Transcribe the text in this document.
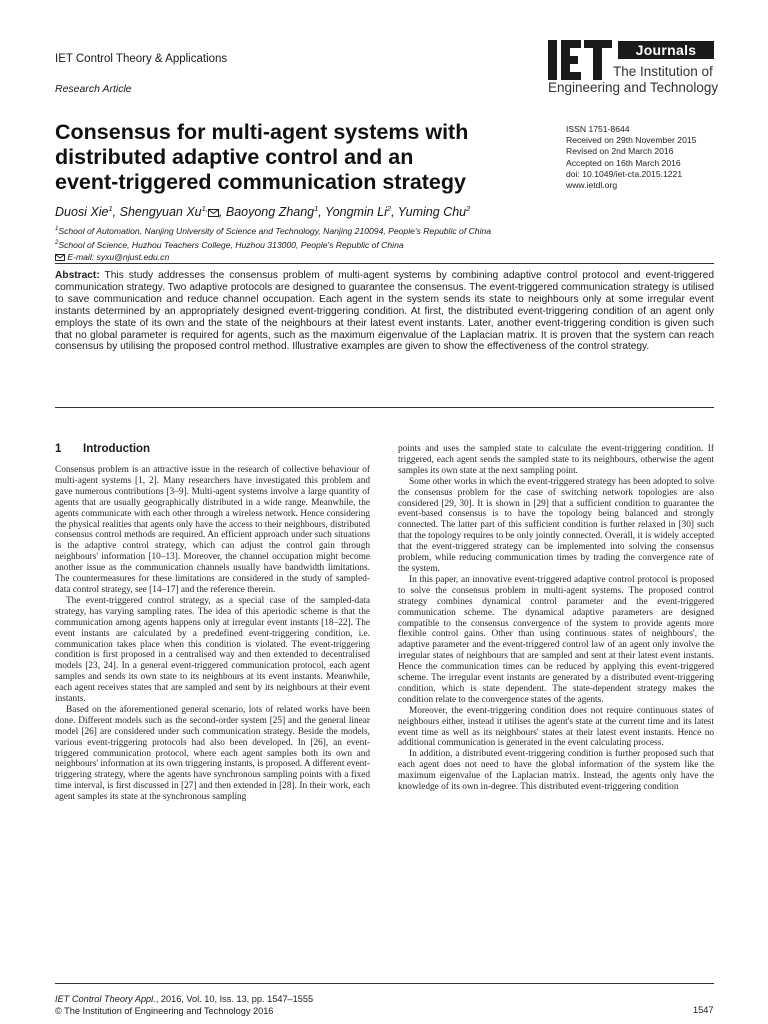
IET Control Theory & Applications
Research Article
Journals
The Institution of
Engineering and Technology
Consensus for multi-agent systems with
distributed adaptive control and an
event-triggered communication strategy
ISSN 1751-8644
Received on 29th November 2015
Revised on 2nd March 2016
Accepted on 16th March 2016
doi: 10.1049/iet-cta.2015.1221
www.ietdl.org
Duosi Xie$^1$, Shengyuan $Xu^{1,}$ , Baoyong Zhang$^1$, Yongmin Li$^2$, Yuming Chu$^2$
$^1$School of Automation, Nanjing University of Science and Technology, Nanjing 210094, People's Republic of China
$^2$School of Science, Huzhou Teachers College, Huzhou 313000, People's Republic of China
E-mail: syxu@njust.edu.cn
Abstract: This study addresses the consensus problem of multi-agent systems by combining adaptive control protocol and event-triggered communication strategy. Two adaptive protocols are designed to guarantee the consensus. The event-triggered communication strategy is utilised to save communication and reduce channel occupation. Each agent in the system sends its state to neighbours only at some irregular event instants determined by an appropriately designed event-triggering condition. At first, the distributed event-triggering condition of an agent only employs the state of its own and the state of the neighbours at their latest event instants. Later, another event-triggering condition is given such that no global parameter is required for agents, such as the maximum eigenvalue of the Laplacian matrix. It is proven that the system can reach consensus by utilising the proposed control method. Illustrative examples are given to show the effectiveness of the control strategy.
1 Introduction

Consensus problem is an attractive issue in the research of collective behaviour of multi-agent systems [1, 2]. Many researchers have investigated this problem and gave numerous contributions [3–9]. Multi-agent systems involve a large quantity of agents that are usually geographically distributed in a wide range. Meanwhile, the agents communicate with each other through a wireless network. Hence considering the physical realities that agents only have the access to their neighbours, distributed consensus control methods are required. An efficient approach under such situations is the adaptive control strategy, which can adjust the control gain through neighbours' information [10–13]. Moreover, the channel occupation might become another issue as the communication channels usually have bandwidth limitations. The countermeasures for these limitations are considered in the study of sampled-data control strategy, see [14–17] and the reference therein.

The event-triggered control strategy, as a special case of the sampled-data strategy, has varying sampling rates. The idea of this aperiodic scheme is that the communication among agents happens only at irregular event instants [18–22]. The event instants are calculated by a predefined event-triggering condition, i.e. communication takes place when this condition is violated. The event-triggering condition is first proposed in a centralised way and then extended to decentralised models [23, 24]. In a general event-triggered communication protocol, each agent samples and sends its own state to its neighbours at its event instants. Meanwhile, each agent receives states that are sampled and sent by its neighbours at their event instants.

Based on the aforementioned general scenario, lots of related works have been done. Different models such as the second-order system [25] and the general linear model [26] are considered under such communication strategy. Beside the models, various event-triggering protocols had also been developed. In [26], an event-triggered communication protocol, where each agent samples both its own and neighbours' information at its own triggering instants, is proposed. A different event-triggering strategy, where the agents have synchronous sampling points with a fixed time interval, is first discussed in [27] and then extended in [28]. In their work, each agent samples its state at the synchronous sampling

points and uses the sampled state to calculate the event-triggering condition. If triggered, each agent sends the sampled state to its neighbours, otherwise the agent samples its own state at the next sampling point.

Some other works in which the event-triggered strategy has been adopted to solve the consensus problem for the case of switching network topologies are also considered [29, 30]. It is shown in [29] that a sufficient condition to guarantee the event-based consensus is to have the topology being balanced and strongly connected. The latter part of this sufficient condition is further relaxed in [30] such that the topology requires to be only jointly connected. Overall, it is widely accepted that the event-triggered strategy can be implemented into solving the consensus problem, while reducing communication times by trading the convergence rate of the system.

In this paper, an innovative event-triggered adaptive control protocol is proposed to solve the consensus problem in multi-agent systems. The proposed control strategy combines dynamical control parameter and the event-triggered communication scheme. The dynamical adaptive parameters are designed compatible to the consensus convergence of the system to provide agents more flexible control gains. Other than using continuous states of neighbours', the adaptive parameter and the event-triggered control law of an agent only involve the irregular states of neighbours that are sampled and sent at their latest event instants. Hence the communication times can be reduced by applying this event-triggered scheme. The irregular event instants are generated by a distributed event-triggering condition, which is state dependent. The state-dependent strategy makes the condition relate to the convergence states of the agents.

Moreover, the event-triggering condition does not require continuous states of neighbours either, instead it utilises the agent's state at the current time and its latest event time as well as its neighbours' states at their latest event instants. Hence no additional communication is generated in the event calculating process.

In addition, a distributed event-triggering condition is further proposed such that each agent does not need to have the global information of the system like the maximum eigenvalue of the Laplacian matrix. Instead, the agents only have the knowledge of its own in-degree. This distributed event-triggering condition

IET Control Theory Appl., 2016, Vol. 10, Iss. 13, pp. 1547–1555
© The Institution of Engineering and Technology 2016	1547
